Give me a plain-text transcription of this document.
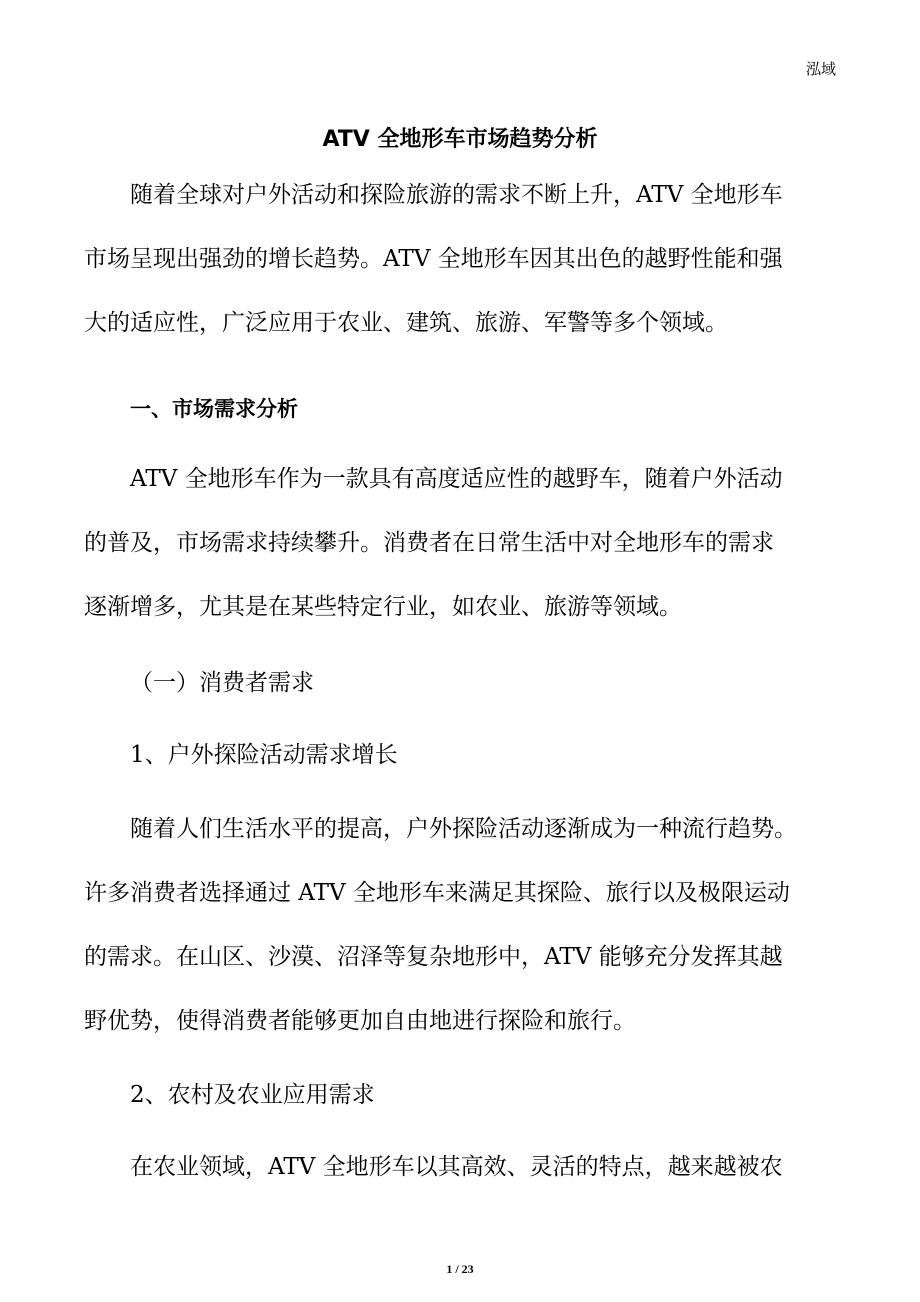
泓域
ATV 全地形车市场趋势分析
随着全球对户外活动和探险旅游的需求不断上升，ATV 全地形车
市场呈现出强劲的增长趋势。ATV 全地形车因其出色的越野性能和强
大的适应性，广泛应用于农业、建筑、旅游、军警等多个领域。
一、市场需求分析
ATV 全地形车作为一款具有高度适应性的越野车，随着户外活动
的普及，市场需求持续攀升。消费者在日常生活中对全地形车的需求
逐渐增多，尤其是在某些特定行业，如农业、旅游等领域。
（一）消费者需求
1、户外探险活动需求增长
随着人们生活水平的提高，户外探险活动逐渐成为一种流行趋势。
许多消费者选择通过 ATV 全地形车来满足其探险、旅行以及极限运动
的需求。在山区、沙漠、沼泽等复杂地形中，ATV 能够充分发挥其越
野优势，使得消费者能够更加自由地进行探险和旅行。
2、农村及农业应用需求
在农业领域，ATV 全地形车以其高效、灵活的特点，越来越被农
1 / 23
